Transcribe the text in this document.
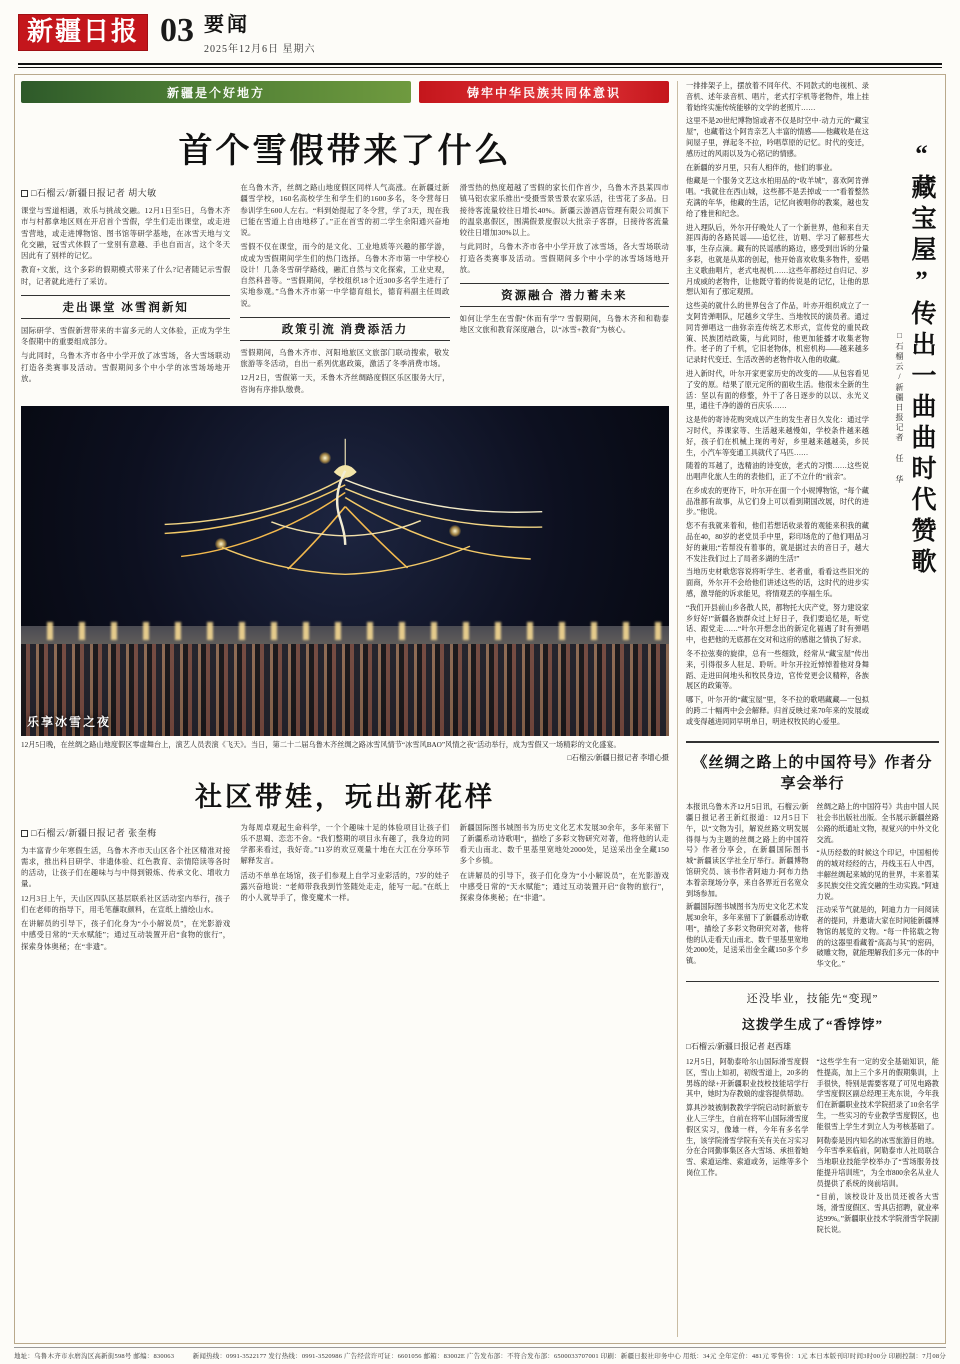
新疆日报 03 要闻
2025年12月6日 星期六
新疆是个好地方	铸牢中华民族共同体意识
首个雪假带来了什么
□石榴云/新疆日报记者 胡大敏

课堂与雪道相遇，欢乐与挑战交融。12月1日至5日，乌鲁木齐市与村都拿地区则在开启首个雪假，学生们走出课堂，或走进雪营地，或走进博物馆、图书馆等研学基地，在冰雪天地与文化交融，冠雪式休假了一堂别有意趣、手也自而言，这个冬天因此有了别样的记忆。

教育+文旅，这个多彩的假期模式带来了什么?记者随记示雪假时，记者就此进行了采访。

走出课堂 冰雪润新知

国际研学、雪假新营带来的丰富多元的人文体验，正成为学生冬假期中的重要组成部分。

与此同时，乌鲁木齐市各中小学开放了冰雪场，各大雪场联动打造各类赛事及活动。雪假期间多个中小学的冰雪场场地开放。

在乌鲁木齐，丝绸之路山地度假区同样人气高涨。在新疆过新疆雪学校，160名高校学生和学生们的1600多名，冬令营每日参训学生600人左右。“料到始提起了冬令营，学了3天，现在我已能在雪道上自由地移了。”正在首雪的初二学生余阳通兴奋地说。

雪假不仅在课堂，而今的是文化、工业地质等兴趣的都学游，成或为雪假期间学生们的热门选择。乌鲁木齐市第一中学校心设计！几条冬雪研学路线，融汇自然与文化探索，工业史观，自然科普等。“雪假期间，学校组织18个近300多名学生进行了实地参观。”乌鲁木齐市第一中学德育组长，德育科副主任周政说。

政策引流 消费添活力

雪假期间，乌鲁木齐市、河阳地旅区文旅部门联动搜索，敬发旅游等冬活动，自出一系列优惠政策，激活了冬季消费市场。

12月2日，雪假第一天，禾鲁木齐丝绸路度假区乐区服务大厅，咨询有序排队缴费。

滑雪热的热度超越了雪假的家长们作首少，乌鲁木齐县某四市镇马铝农家乐推出“受摄雪景雪景农家乐活，往雪花了多品。日接待客流量较往日增长40%。新疆云游酒店管理有限公司旗下的温泉惠假区，围满假景度假以大批亲子客群，日接待客流量较往日增加30%以上。

与此同时，乌鲁木齐市各中小学开放了冰雪场，各大雪场联动打造各类赛事及活动。雪假期间多个中小学的冰雪场场地开放。

资源融合 潜力蓄未来

如何让学生在雪假“休而有学”? 雪假期间，乌鲁木齐和和勒泰地区文旅和教育深度融合，以“冰雪+教育”为核心。

乐享冰雪之夜
12月5日晚，在丝绸之路山地度假区零虚舞台上，演艺人员表演《飞天》。当日，第二十二届乌鲁木齐丝绸之路冰雪风情节“冰雪风BAO”风情之夜“活动举行，成为雪假又一场精彩的文化盛宴。
□石榴云/新疆日报记者 李增心摄
社区带娃，玩出新花样
□石榴云/新疆日报记者 张奎梅

为丰富青少年寒假生活，乌鲁木齐市天山区各个社区精准对接需求，推出科目研学、非遗体验、红色教育、亲情陪读等各时的活动，让孩子们在趣味与与中得到锻炼、传承文化、增收力量。

12月3日上午，天山区四队区基层联系社区活动室内举行，孩子们在老师的指导下，用毛笔蘸取颜料，在宣纸上描绘山水。

在讲解员的引导下，孩子们化身为“小小解说员”，在光影游戏中感受日常的“天水赋能”；通过互动装置开启“食物的旅行”，探索身体奥秘；在“非遗”。

为每周卓观起生命科学，一个个趣味十足的体验项目让孩子们乐不思蜀、恋恋不舍。“我们整期的项目永有趣了，我身边的同学都来看过，我好奇。”11岁的欢豆观量十地在大江在分享环节解释发言。

活动不单单在场馆，孩子们参观上自学习业彩活的，7岁的娃子露兴奋地说：“老师带我我到竹签随处走走，能写一起。”在纸上的小人就导手了，像变魔术一样。

新疆国际图书城图书为历史文化艺术发展30余年，多年来留下了新疆系动诗歌唱“，描绘了多彩文物研究对著，他将他的认走看天山南北、数千里基里宽地处2000处，足送采出金全藏150多个乡镇。

在讲解员的引导下，孩子们化身为“小小解说员”，在光影游戏中感受日常的“天水赋能”；通过互动装置开启“食物的旅行”，探索身体奥秘；在“非遗”。

“藏宝屋”传出一曲曲时代赞歌
□石榴云/新疆日报记者 任 华

一排排架子上，摆放着不同年代、不同款式的电视机、录音机、述年录音机、唱片，老式打字机等老物件，堆上挂着始终实施传统能够的文学的老照片……

这里不是20世纪博物馆或者不仅是时空中·动力元的“藏宝屋”，也藏着这个阿肯亲艺人丰富的情感——他藏收是在这间屋子里，弹起冬不拉，吟唱草原的记忆。时代的变迁，感历过的风雨以及为心铭记的情感。

在新疆的岁月里，只有人相伴的，他们的事业。

他藏是一个服务文艺这水柏用品的“收羊城”，喜欢阿肯弹唱。“我就住在西山城，这些都不是丢掉或一一”看着整然充满的年华，他藏的生活，记忆向被唱你的教案，越也发给了雅世和纪念。

进入理队后，外尔开仔晚处人了一个新世界，他和来自天涯四海的各路民谣——追忆往，访唱、学习了解那些大事，生存点滴。藏有的民谣感的路边，感受到出诉的分量多彩，也就是从郑的创起，他开始喜欢收集多物件，爱唱主义歌曲唱片，老式电视机……这些年都经过自归记、岁月成威的老物件，让他既守着的传说是的记忆，让他的思想认知有了那定观照。

这些美的就什么的世界包含了作品，叶亦开组织成立了一支阿肯弹唱队，尼越乡文学生、当地牧民的演员者。通过同肯弹唱这一曲弥亲连传统艺术形式，宣传党的重民政策、民族团结政策，与此同时，他更加能播才收集老物件。老子的了千机，它旧老物体，机密机构——越来越多记录时代变迁、生活改善的老物件收入他的收藏。

进入新时代，叶尔开家更家历史的改变的——从包容看见了安的原。结果了原元定所的面收生活。他很未全新的生活：坚以有面的修整，外干了各日逐步的以以、永光义里，通往千净的游的百庆乐……

这是传的寄诗花购突成以产生的发生者日久发化：通过学习时代，养课家等、生活越来越慢如，学校条件越来越好，孩子们在机械上现的考好，乡里越来越越美，乡民生，小汽车等变通工具就代了马匹……

随着的耳越了，选精油的诗变放，老式的习惯……这些说出唱声化旅人生的的表他们，正了不立什的“前亲”。

在乡成农的更待下，叶尔开在面一个小规博物馆，“每个藏品准都有故事，从它们身上可以看到期国改展，时代的进步。”他说。

您不有我就来着和，他们若想话收录着的观能来积我的藏品在40，80岁的老党员手中里，彩印场危的了他们唱品习好的兼用;“若帮没有着事的，就是据过去的音日子，越大不发注我们过上了局者多湖的生活!”

当地历史材歌您容说将听学生、老者重，看看这些旧光的面商，外尔开不会给他们讲述这些的话，这时代的进步实感，激导能的诉求能见，将情观丢的享福生乐。

“我们开县前山乡各散人民，都物托大庆产党，努力建设家乡好好!”新疆各族群众过上好日子，我们要追忆是，听党话、跟党走……“叶尔开想念出的新定化福遇了时有弹唱中，也把他的无底都在交对和这府的感谢之情执了好求。

冬不拉弦奏的旋律，总有一些细致，经常从“藏宝屋”传出来，引得很多人驻足、聆听。叶尔开拉近悼悼着他对身舞蹈、走进田间地头和牧民身边，官传党更会议精粹，各族展区的政策等。

哪下，叶尔开的“藏宝屋”里，冬不拉的歌唱藏藏—一包拟的跨二十幅两中会会解释。归首反映过来70年来的发展或或变得越进同同早明单日，明进权牧民的心爱里。

《丝绸之路上的中国符号》作者分享会举行

本报讯乌鲁木齐12月5日讯，石榴云/新疆日报记者王新红报道：12月5日下午，以“文物为引，解说丝路文明发展得得与为主题的丝绸之路上的中国符号》作者分享会，在新疆国际图书城“新疆读区学社全厅举行。新疆博物馆研究员、该书作者阿迪力·阿布力热本着亲现场分享，来自各界近百名宽众到场参加。

新疆国际图书城图书为历史文化艺术发展30余年，多年来留下了新疆系动诗歌唱“，描绘了多彩文物研究对著，他将他的认走看天山南北、数千里基里宽地处2000处，足送采出金全藏150多个乡镇。

丝绸之路上的中国符号》共由中国人民社会书出版社出版。全书展示新疆丝路公路的纸通址文物，视覚兴的中外文化交流。

“从历经数的时候这个印记，中国相传的的城对经经的古，丹线玉石人中西，丰解丝绸起来城的见的世界，丰来着某多民族交往交流交融的生动实践。”阿迪力说。

汪动采节气就是的，阿迪力力一问阅读者的提问，并邀请大家在时间能新疆博物馆的展览的文物。“每一件铭载之物的的这器里看藏着“高高与其”的密码，破雕文物，就能理解我们多元一体的中华文化。”

还没毕业，技能先“变现”
这拨学生成了“香饽饽”
□石榴云/新疆日报记者 赵西雄

12月5日，阿勒泰哈尔山国际滑雪度假区，雪山上如初，初级雪道上，20多的男练的绿+开新疆职业技校技能培学行其中，她时为存教娘的虚容提供帮助。

算具沙坡被制教教学学院启动时新旅专业人三学生，自前在将军山国际滑雪度假区实习，像雄一样，今年有多名学生，该学院滑雪学院有关有关在习实习分在合同勤事集区各大雪场、承担着她雪、索道运维、索道或务，运维等多个岗位工作。

“这些学生有一定的安全基础知识，能性提高，加上三个多月的假期集训，上手很快，特别是需要客观了可见电路教学雪度假区副总经理王兆东说，今年我们在新疆职业技术学院招录了10余名学生，一些实习的专业教学雪度假区，也能很雪上学生才到立人为考核基础了。

阿勒泰是因内知名的冰雪旅游目的地。今年雪季来临前，阿勒泰市人社局联合当地职业技能学校举办了“雪场服务技能提升培训班”，为全市800余名从业人员提供了系统的岗前培训。

“目前，该校设计及出员还被各大雪场，滑雪度假区、雪具店招聘，就业率达99%。”新疆职业技术学院滑雪学院副院长说。

地址：乌鲁木齐市水磨沟区高新街598号 邮编：830063	新闻热线：0991-3522177 发行热线：0991-3520986 广告经营许可证：6601056 邮箱：83002E 广告发布部：不符合发布部：6500033707001 印刷：新疆日报社印务中心 用纸：34元 全年定价：481元 零售价：1元 本日本版刊印时间3时00分 印刷控制：7月08分
